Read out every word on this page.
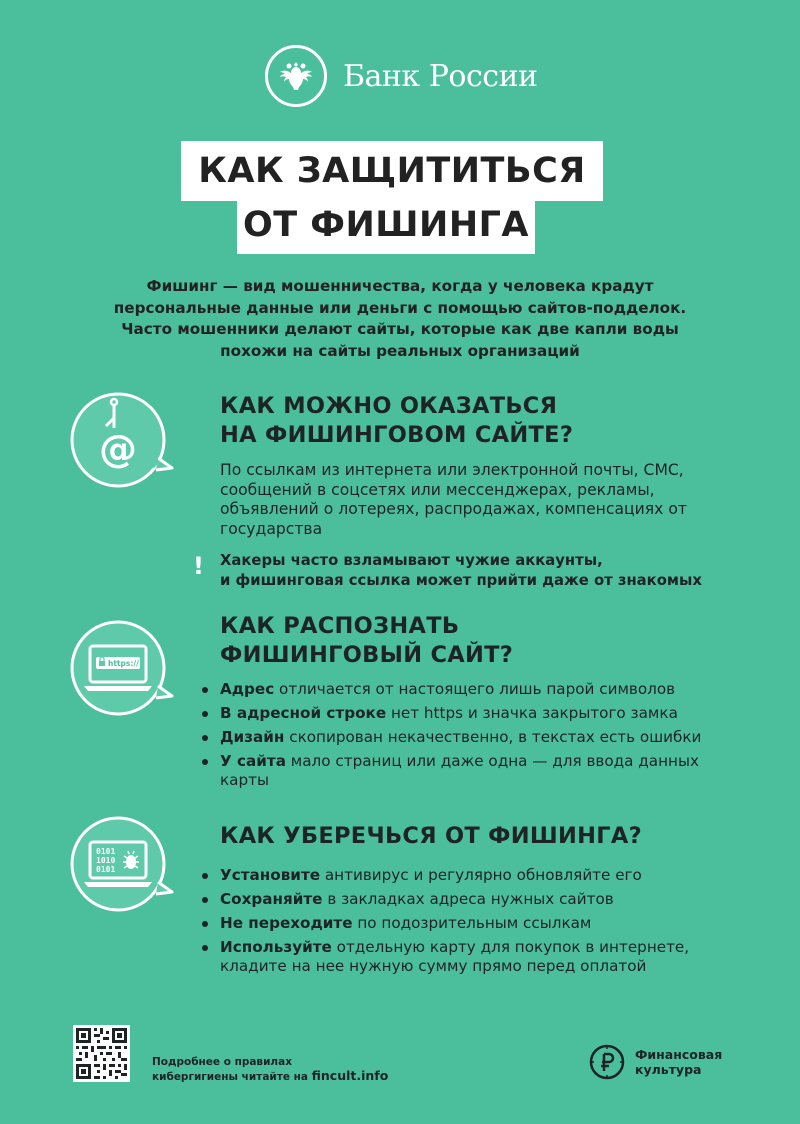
Банк России
КАК ЗАЩИТИТЬСЯ
ОТ ФИШИНГА
Фишинг — вид мошенничества, когда у человека крадут персональные данные или деньги с помощью сайтов-подделок. Часто мошенники делают сайты, которые как две капли воды похожи на сайты реальных организаций
@
КАК МОЖНО ОКАЗАТЬСЯ
НА ФИШИНГОВОМ САЙТЕ?
По ссылкам из интернета или электронной почты, СМС, сообщений в соцсетях или мессенджерах, рекламы, объявлений о лотереях, распродажах, компенсациях от государства
! Хакеры часто взламывают чужие аккаунты,
и фишинговая ссылка может прийти даже от знакомых
https://
КАК РАСПОЗНАТЬ
ФИШИНГОВЫЙ САЙТ?
Адрес отличается от настоящего лишь парой символов
В адресной строке нет https и значка закрытого замка
Дизайн скопирован некачественно, в текстах есть ошибки
У сайта мало страниц или даже одна — для ввода данных карты
0101
1010
0101
КАК УБЕРЕЧЬСЯ ОТ ФИШИНГА?
Установите антивирус и регулярно обновляйте его
Сохраняйте в закладках адреса нужных сайтов
Не переходите по подозрительным ссылкам
Используйте отдельную карту для покупок в интернете, кладите на нее нужную сумму прямо перед оплатой
Подробнее о правилах
кибергигиены читайте на fincult.info
Финансовая
культура
